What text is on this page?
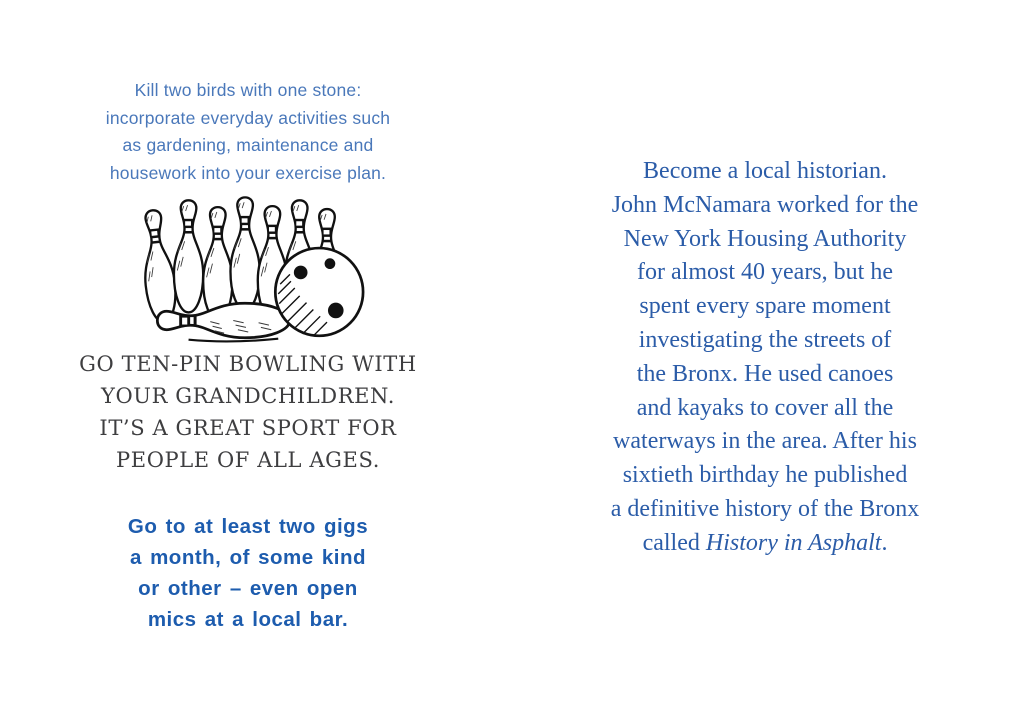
Kill two birds with one stone:
incorporate everyday activities such
as gardening, maintenance and
housework into your exercise plan.
GO TEN-PIN BOWLING WITH
YOUR GRANDCHILDREN.
IT’S A GREAT SPORT FOR
PEOPLE OF ALL AGES.
Go to at least two gigs
a month, of some kind
or other – even open
mics at a local bar.
Become a local historian.
John McNamara worked for the
New York Housing Authority
for almost 40 years, but he
spent every spare moment
investigating the streets of
the Bronx. He used canoes
and kayaks to cover all the
waterways in the area. After his
sixtieth birthday he published
a definitive history of the Bronx
called History in Asphalt.
